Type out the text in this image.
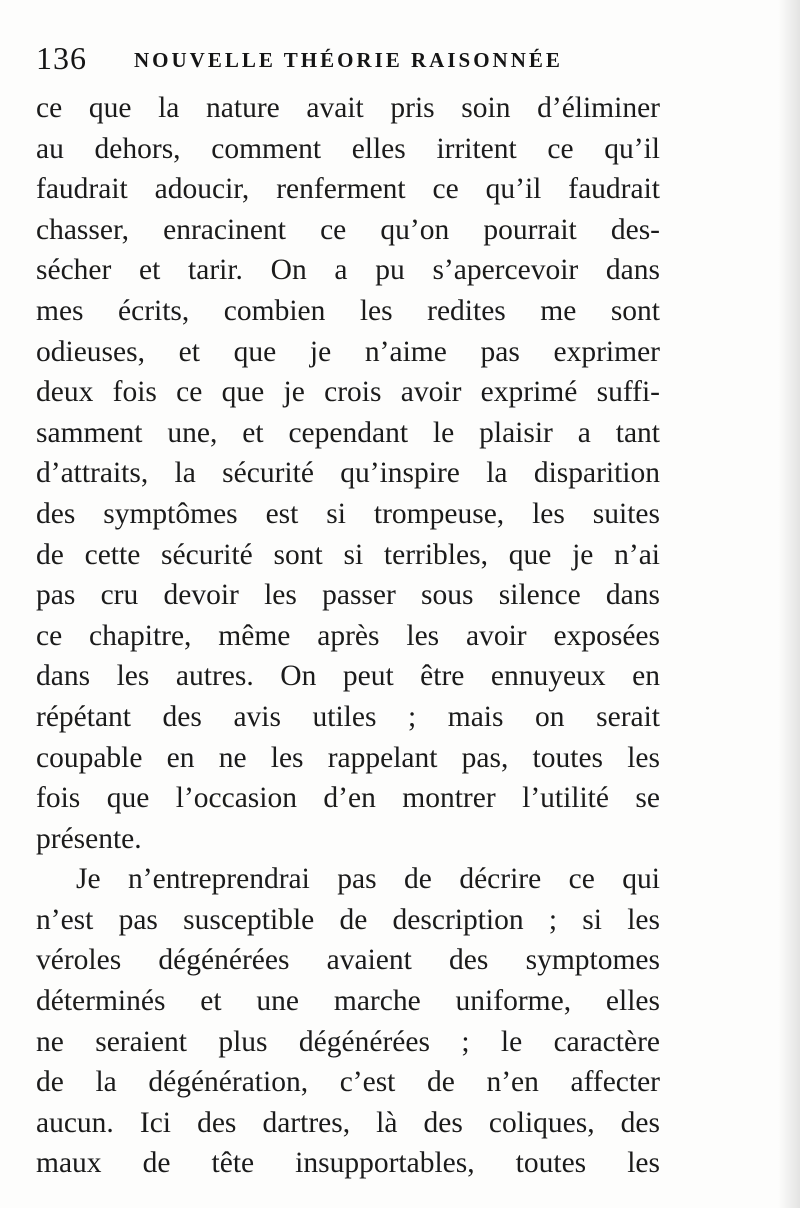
136 NOUVELLE THÉORIE RAISONNÉE
ce que la nature avait pris soin d’éliminer
au dehors, comment elles irritent ce qu’il
faudrait adoucir, renferment ce qu’il faudrait
chasser, enracinent ce qu’on pourrait des-
sécher et tarir. On a pu s’apercevoir dans
mes écrits, combien les redites me sont
odieuses, et que je n’aime pas exprimer
deux fois ce que je crois avoir exprimé suffi-
samment une, et cependant le plaisir a tant
d’attraits, la sécurité qu’inspire la disparition
des symptômes est si trompeuse, les suites
de cette sécurité sont si terribles, que je n’ai
pas cru devoir les passer sous silence dans
ce chapitre, même après les avoir exposées
dans les autres. On peut être ennuyeux en
répétant des avis utiles ; mais on serait
coupable en ne les rappelant pas, toutes les
fois que l’occasion d’en montrer l’utilité se
présente.
Je n’entreprendrai pas de décrire ce qui
n’est pas susceptible de description ; si les
véroles dégénérées avaient des symptomes
déterminés et une marche uniforme, elles
ne seraient plus dégénérées ; le caractère
de la dégénération, c’est de n’en affecter
aucun. Ici des dartres, là des coliques, des
maux de tête insupportables, toutes les
